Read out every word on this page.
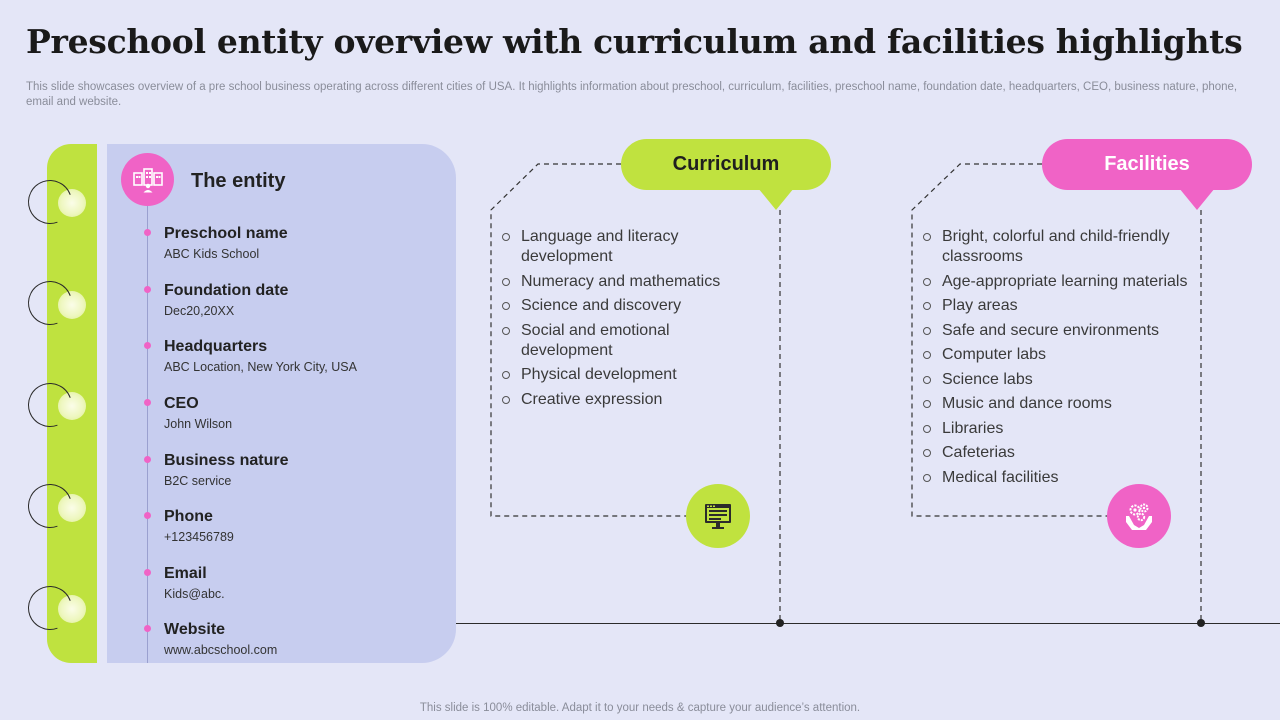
Preschool entity overview with curriculum and facilities highlights

This slide showcases overview of a pre school business operating across different cities of USA. It highlights information about preschool, curriculum, facilities, preschool name, foundation date, headquarters, CEO, business nature, phone, email and website.

The entity
Preschool name
ABC Kids School
Foundation date
Dec20,20XX
Headquarters
ABC Location, New York City, USA
CEO
John Wilson
Business nature
B2C service
Phone
+123456789
Email
Kids@abc.
Website
www.abcschool.com
Curriculum
Language and literacy development
Numeracy and mathematics
Science and discovery
Social and emotional development
Physical development
Creative expression
Facilities
Bright, colorful and child-friendly classrooms
Age-appropriate learning materials
Play areas
Safe and secure environments
Computer labs
Science labs
Music and dance rooms
Libraries
Cafeterias
Medical facilities
This slide is 100% editable. Adapt it to your needs & capture your audience’s attention.
